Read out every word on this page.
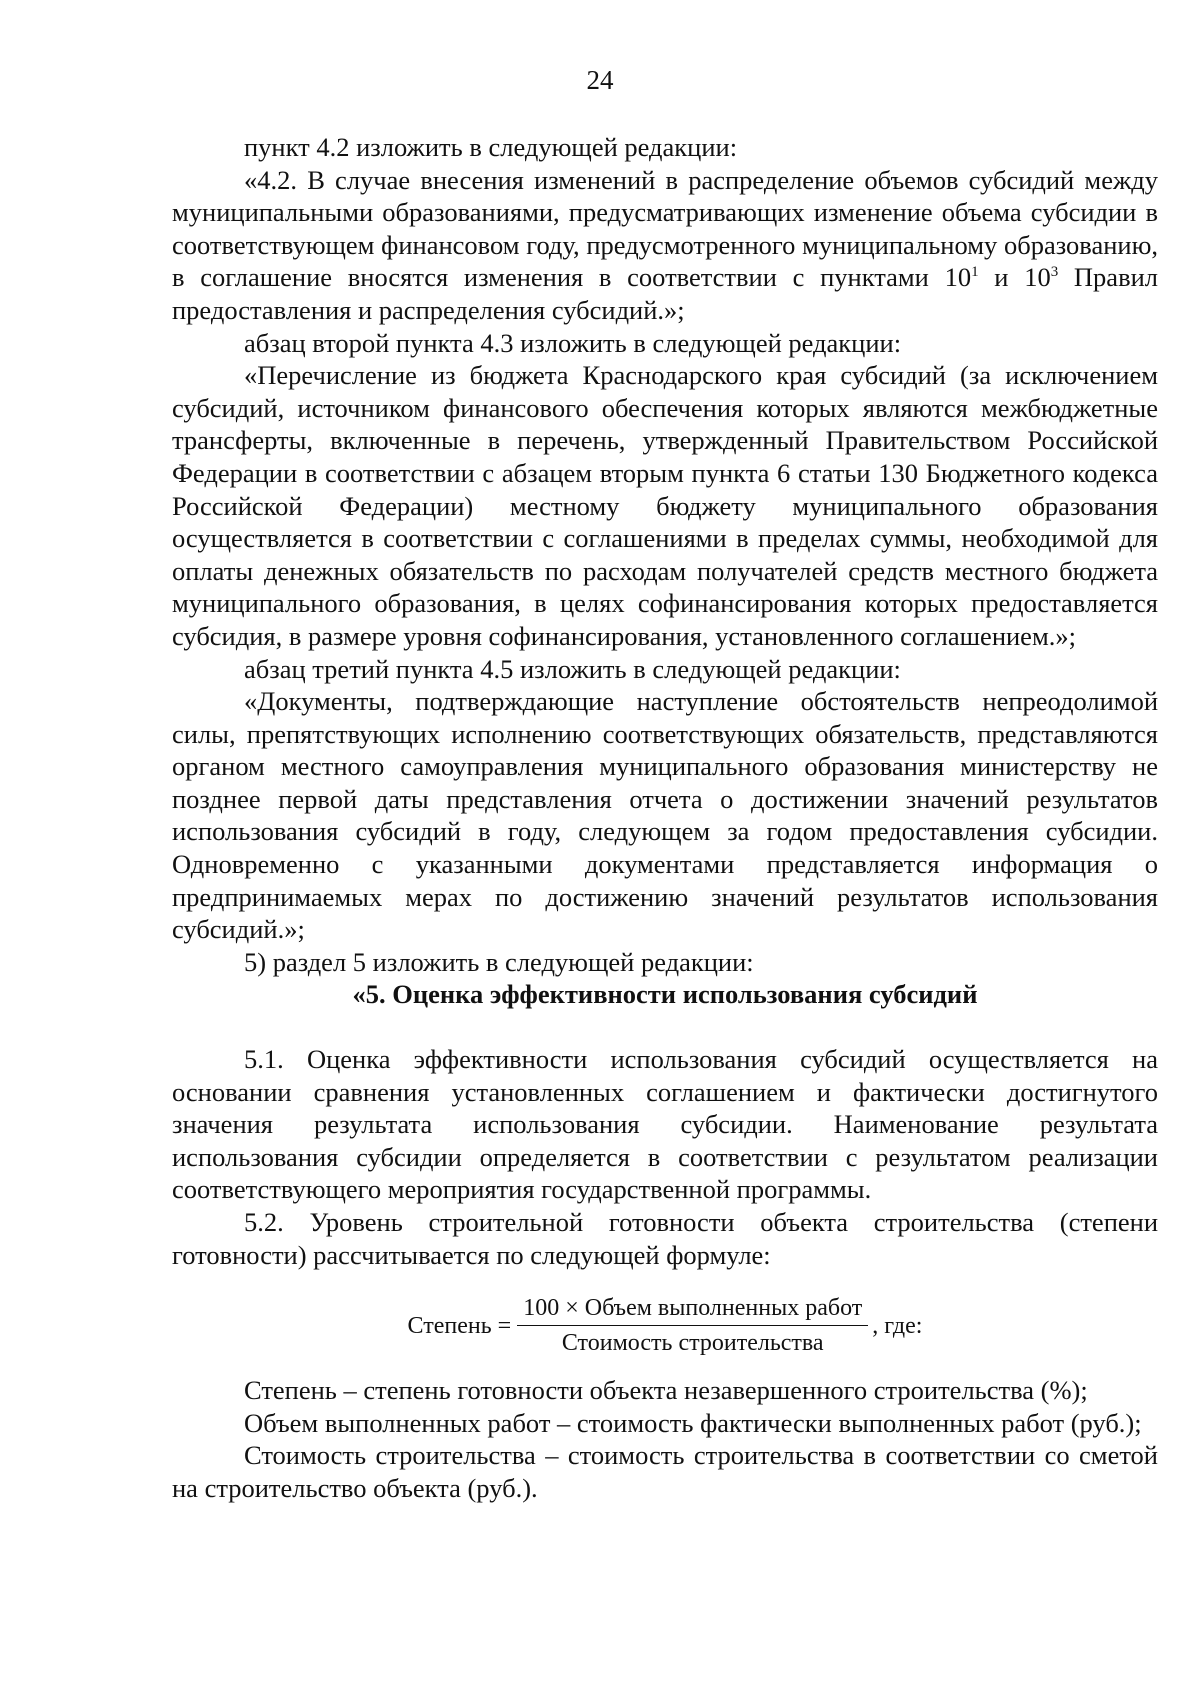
24

пункт 4.2 изложить в следующей редакции:

«4.2. В случае внесения изменений в распределение объемов субсидий между муниципальными образованиями, предусматривающих изменение объема субсидии в соответствующем финансовом году, предусмотренного муниципальному образованию, в соглашение вносятся изменения в соответствии с пунктами $10^1$ и $10^3$ Правил предоставления и распределения субсидий.»;

абзац второй пункта 4.3 изложить в следующей редакции:

«Перечисление из бюджета Краснодарского края субсидий (за исключением субсидий, источником финансового обеспечения которых являются межбюджетные трансферты, включенные в перечень, утвержденный Правительством Российской Федерации в соответствии с абзацем вторым пункта 6 статьи 130 Бюджетного кодекса Российской Федерации) местному бюджету муниципального образования осуществляется в соответствии с соглашениями в пределах суммы, необходимой для оплаты денежных обязательств по расходам получателей средств местного бюджета муниципального образования, в целях софинансирования которых предоставляется субсидия, в размере уровня софинансирования, установленного соглашением.»;

абзац третий пункта 4.5 изложить в следующей редакции:

«Документы, подтверждающие наступление обстоятельств непреодолимой силы, препятствующих исполнению соответствующих обязательств, представляются органом местного самоуправления муниципального образования министерству не позднее первой даты представления отчета о достижении значений результатов использования субсидий в году, следующем за годом предоставления субсидии. Одновременно с указанными документами представляется информация о предпринимаемых мерах по достижению значений результатов использования субсидий.»;

5) раздел 5 изложить в следующей редакции:

«5. Оценка эффективности использования субсидий

5.1. Оценка эффективности использования субсидий осуществляется на основании сравнения установленных соглашением и фактически достигнутого значения результата использования субсидии. Наименование результата использования субсидии определяется в соответствии с результатом реализации соответствующего мероприятия государственной программы.

5.2. Уровень строительной готовности объекта строительства (степени готовности) рассчитывается по следующей формуле:

Степень = $\frac{\text{100 × Объем выполненных работ}}{\text{Стоимость строительства}}$ , где:

Степень – степень готовности объекта незавершенного строительства (%);

Объем выполненных работ – стоимость фактически выполненных работ (руб.);

Стоимость строительства – стоимость строительства в соответствии со сметой на строительство объекта (руб.).
